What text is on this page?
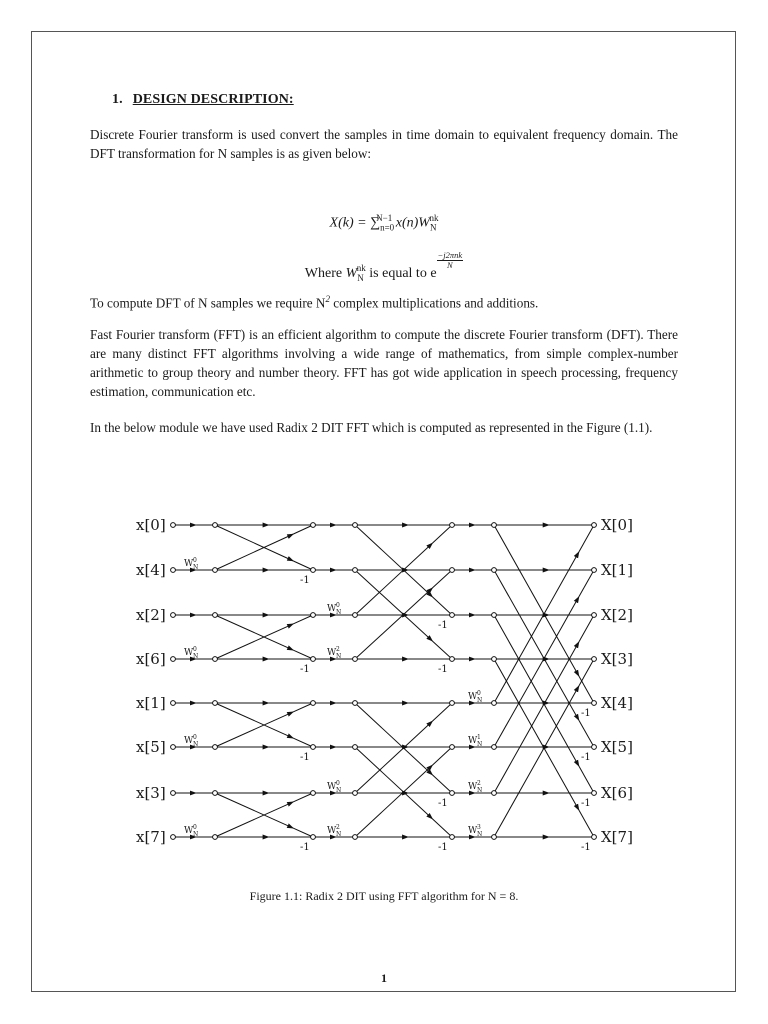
1. DESIGN DESCRIPTION:

Discrete Fourier transform is used convert the samples in time domain to equivalent frequency domain. The DFT transformation for N samples is as given below:

$X(k) = \sum_{n=0}^{N-1}$ $x(n)W_N^{nk}$
Where $W_N^{nk}$ is equal to e
$\frac{\text{−j2πnk}}{N}$

To compute DFT of N samples we require $N^2$ complex multiplications and additions.

Fast Fourier transform (FFT) is an efficient algorithm to compute the discrete Fourier transform (DFT). There are many distinct FFT algorithms involving a wide range of mathematics, from simple complex-number arithmetic to group theory and number theory. FFT has got wide application in speech processing, frequency estimation, communication etc.

In the below module we have used Radix 2 DIT FFT which is computed as represented in the Figure (1.1).

W N
0
-1
W N
0
-1
W N
0
-1
W N
0
-1
W N
0
-1
W N
2
-1
W N
0
-1
W N
2
-1
W N
0
-1
W N
1
-1
W N
2
-1
W N
3
-1
x[0]
x[4]
x[2]
x[6]
x[1]
x[5]
x[3]
x[7]
X[0]
X[1]
X[2]
X[3]
X[4]
X[5]
X[6]
X[7]
Figure 1.1: Radix 2 DIT using FFT algorithm for N = 8.
1
